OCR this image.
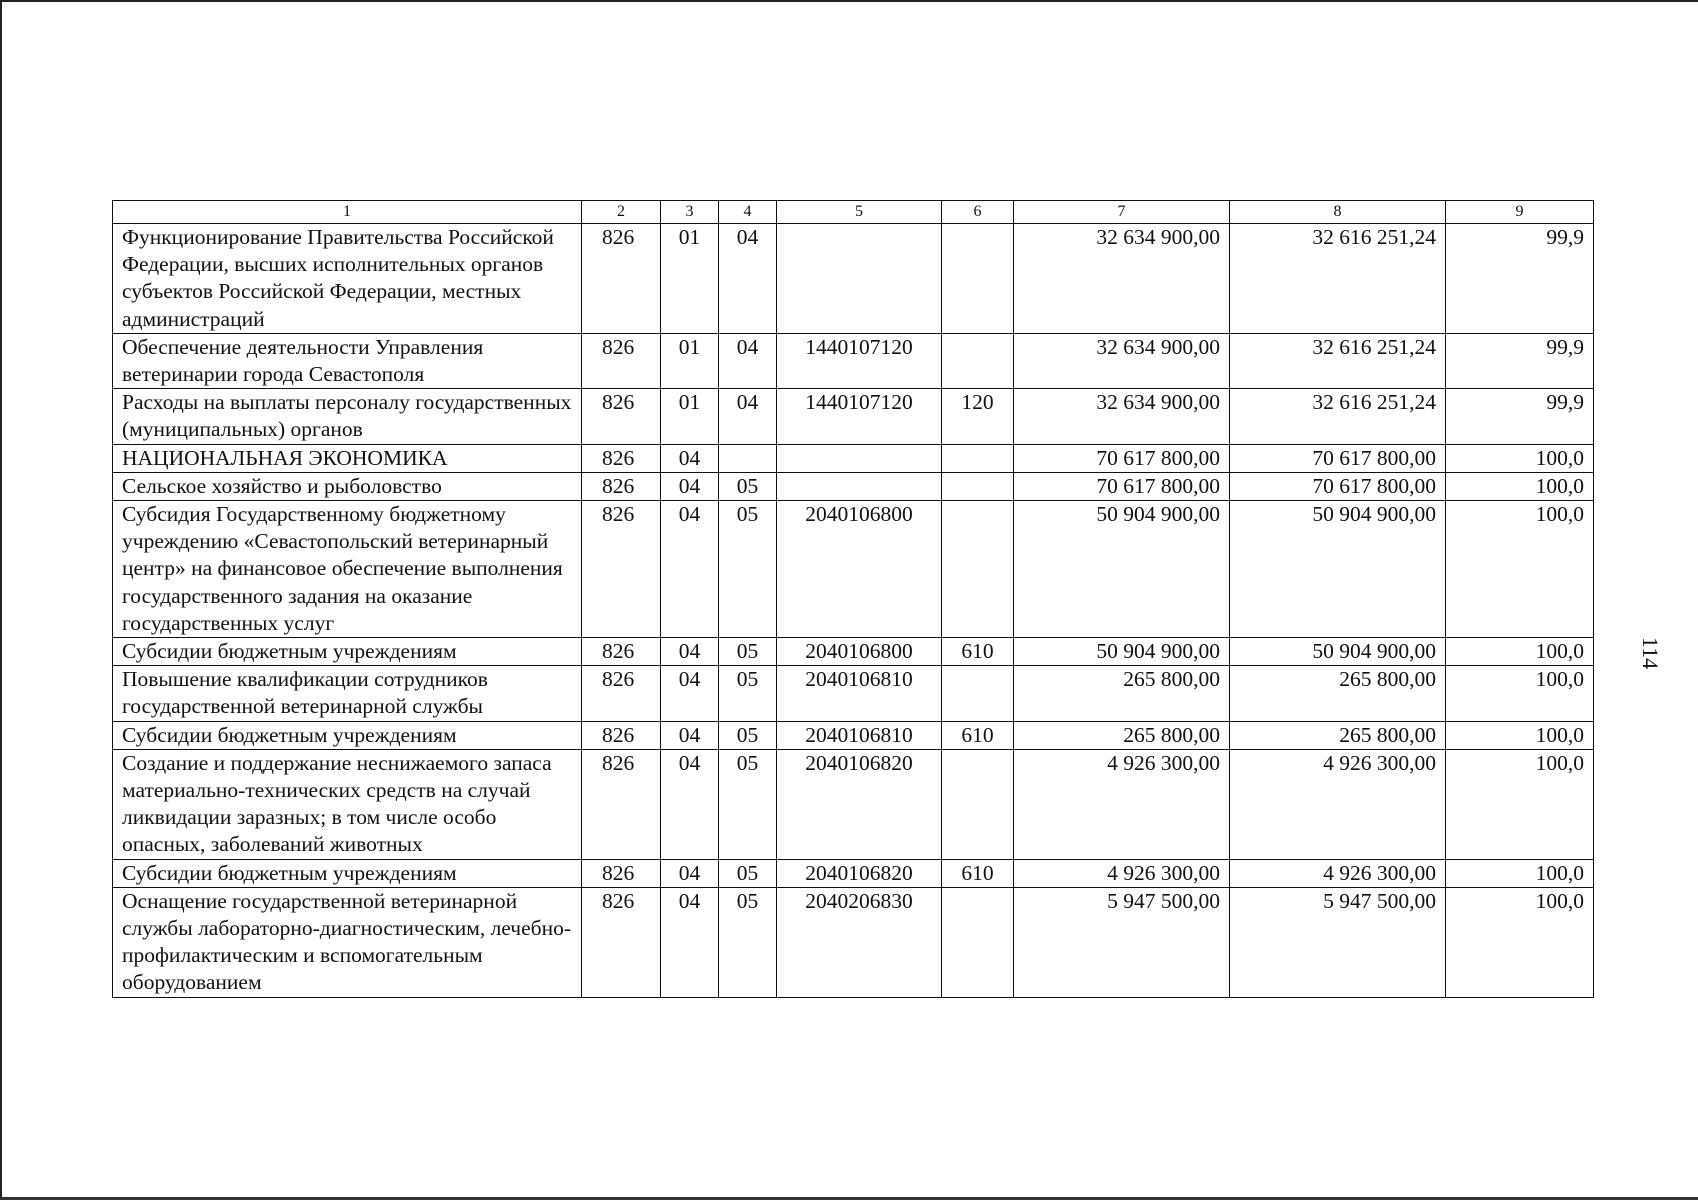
1	2	3	4	5	6	7	8	9
Функционирование Правительства Российской Федерации, высших исполнительных органов субъектов Российской Федерации, местных администраций	826	01	04			32 634 900,00	32 616 251,24	99,9
Обеспечение деятельности Управления ветеринарии города Севастополя	826	01	04	1440107120		32 634 900,00	32 616 251,24	99,9
Расходы на выплаты персоналу государственных (муниципальных) органов	826	01	04	1440107120	120	32 634 900,00	32 616 251,24	99,9
НАЦИОНАЛЬНАЯ ЭКОНОМИКА	826	04				70 617 800,00	70 617 800,00	100,0
Сельское хозяйство и рыболовство	826	04	05			70 617 800,00	70 617 800,00	100,0
Субсидия Государственному бюджетному учреждению «Севастопольский ветеринарный центр» на финансовое обеспечение выполнения государственного задания на оказание государственных услуг	826	04	05	2040106800		50 904 900,00	50 904 900,00	100,0
Субсидии бюджетным учреждениям	826	04	05	2040106800	610	50 904 900,00	50 904 900,00	100,0
Повышение квалификации сотрудников государственной ветеринарной службы	826	04	05	2040106810		265 800,00	265 800,00	100,0
Субсидии бюджетным учреждениям	826	04	05	2040106810	610	265 800,00	265 800,00	100,0
Создание и поддержание неснижаемого запаса материально-технических средств на случай ликвидации заразных; в том числе особо опасных, заболеваний животных	826	04	05	2040106820		4 926 300,00	4 926 300,00	100,0
Субсидии бюджетным учреждениям	826	04	05	2040106820	610	4 926 300,00	4 926 300,00	100,0
Оснащение государственной ветеринарной службы лабораторно-диагностическим, лечебно-профилактическим и вспомогательным оборудованием	826	04	05	2040206830		5 947 500,00	5 947 500,00	100,0
114
